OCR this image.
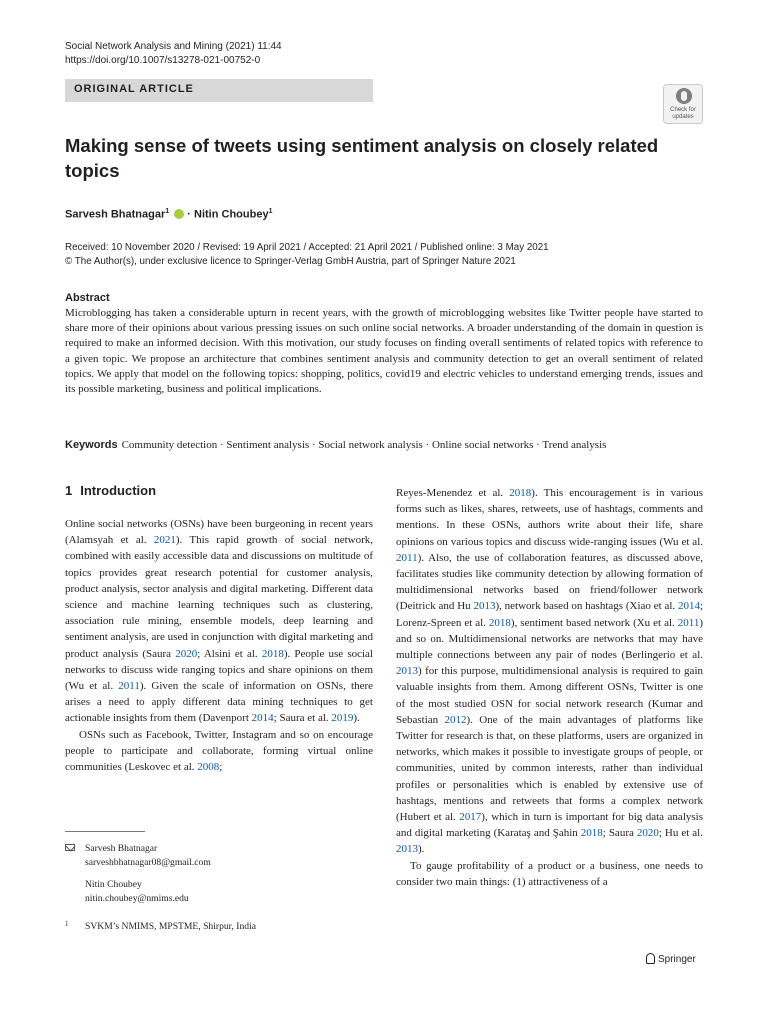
Social Network Analysis and Mining (2021) 11:44
https://doi.org/10.1007/s13278-021-00752-0
ORIGINAL ARTICLE
Check for updates
Making sense of tweets using sentiment analysis on closely related topics
Sarvesh Bhatnagar$^1$  · Nitin Choubey$^1$
Received: 10 November 2020 / Revised: 19 April 2021 / Accepted: 21 April 2021 / Published online: 3 May 2021
© The Author(s), under exclusive licence to Springer-Verlag GmbH Austria, part of Springer Nature 2021
Abstract

Microblogging has taken a considerable upturn in recent years, with the growth of microblogging websites like Twitter people have started to share more of their opinions about various pressing issues on such online social networks. A broader understanding of the domain in question is required to make an informed decision. With this motivation, our study focuses on finding overall sentiments of related topics with reference to a given topic. We propose an architecture that combines sentiment analysis and community detection to get an overall sentiment of related topics. We apply that model on the following topics: shopping, politics, covid19 and electric vehicles to understand emerging trends, issues and its possible marketing, business and political implications.

Keywords Community detection · Sentiment analysis · Social network analysis · Online social networks · Trend analysis
1 Introduction

Online social networks (OSNs) have been burgeoning in recent years (Alamsyah et al. 2021). This rapid growth of social network, combined with easily accessible data and discussions on multitude of topics provides great research potential for customer analysis, product analysis, sector analysis and digital marketing. Different data science and machine learning techniques such as clustering, association rule mining, ensemble models, deep learning and sentiment analysis, are used in conjunction with digital marketing and product analysis (Saura 2020; Alsini et al. 2018). People use social networks to discuss wide ranging topics and share opinions on them (Wu et al. 2011). Given the scale of information on OSNs, there arises a need to apply different data mining techniques to get actionable insights from them (Davenport 2014; Saura et al. 2019).

OSNs such as Facebook, Twitter, Instagram and so on encourage people to participate and collaborate, forming virtual online communities (Leskovec et al. 2008;

Reyes-Menendez et al. 2018). This encouragement is in various forms such as likes, shares, retweets, use of hashtags, comments and mentions. In these OSNs, authors write about their life, share opinions on various topics and discuss wide-ranging issues (Wu et al. 2011). Also, the use of collaboration features, as discussed above, facilitates studies like community detection by allowing formation of multidimensional networks based on friend/follower network (Deitrick and Hu 2013), network based on hashtags (Xiao et al. 2014; Lorenz-Spreen et al. 2018), sentiment based network (Xu et al. 2011) and so on. Multidimensional networks are networks that may have multiple connections between any pair of nodes (Berlingerio et al. 2013) for this purpose, multidimensional analysis is required to gain valuable insights from them. Among different OSNs, Twitter is one of the most studied OSN for social network research (Kumar and Sebastian 2012). One of the main advantages of platforms like Twitter for research is that, on these platforms, users are organized in networks, which makes it possible to investigate groups of people, or communities, united by common interests, rather than individual profiles or personalities which is enabled by extensive use of hashtags, mentions and retweets that forms a complex network (Hubert et al. 2017), which in turn is important for big data analysis and digital marketing (Karataş and Şahin 2018; Saura 2020; Hu et al. 2013).

To gauge profitability of a product or a business, one needs to consider two main things: (1) attractiveness of a

Sarvesh Bhatnagar
sarveshbhatnagar08@gmail.com
Nitin Choubey
nitin.choubey@nmims.edu
1 SVKM’s NMIMS, MPSTME, Shirpur, India
Springer
